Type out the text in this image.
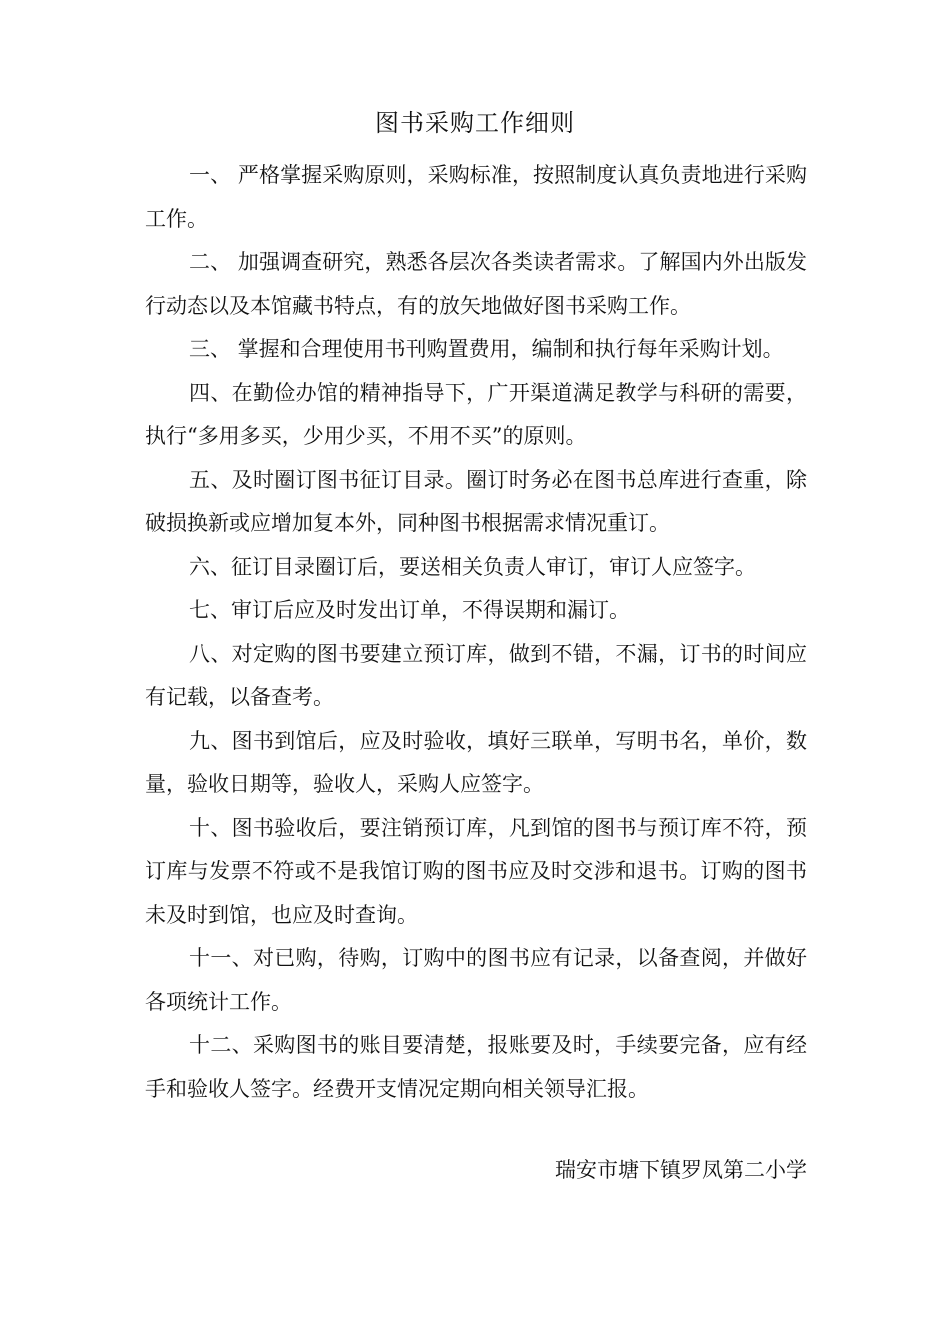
图书采购工作细则

一、 严格掌握采购原则，采购标准，按照制度认真负责地进行采购工作。

二、 加强调查研究，熟悉各层次各类读者需求。了解国内外出版发行动态以及本馆藏书特点，有的放矢地做好图书采购工作。

三、 掌握和合理使用书刊购置费用，编制和执行每年采购计划。

四、在勤俭办馆的精神指导下，广开渠道满足教学与科研的需要，执行“多用多买，少用少买，不用不买”的原则。

五、及时圈订图书征订目录。圈订时务必在图书总库进行查重，除破损换新或应增加复本外，同种图书根据需求情况重订。

六、征订目录圈订后，要送相关负责人审订，审订人应签字。

七、审订后应及时发出订单，不得误期和漏订。

八、对定购的图书要建立预订库，做到不错，不漏，订书的时间应有记载，以备查考。

九、图书到馆后，应及时验收，填好三联单，写明书名，单价，数量，验收日期等，验收人，采购人应签字。

十、图书验收后，要注销预订库，凡到馆的图书与预订库不符，预订库与发票不符或不是我馆订购的图书应及时交涉和退书。订购的图书未及时到馆，也应及时查询。

十一、对已购，待购，订购中的图书应有记录，以备查阅，并做好各项统计工作。

十二、采购图书的账目要清楚，报账要及时，手续要完备，应有经手和验收人签字。经费开支情况定期向相关领导汇报。

瑞安市塘下镇罗凤第二小学
